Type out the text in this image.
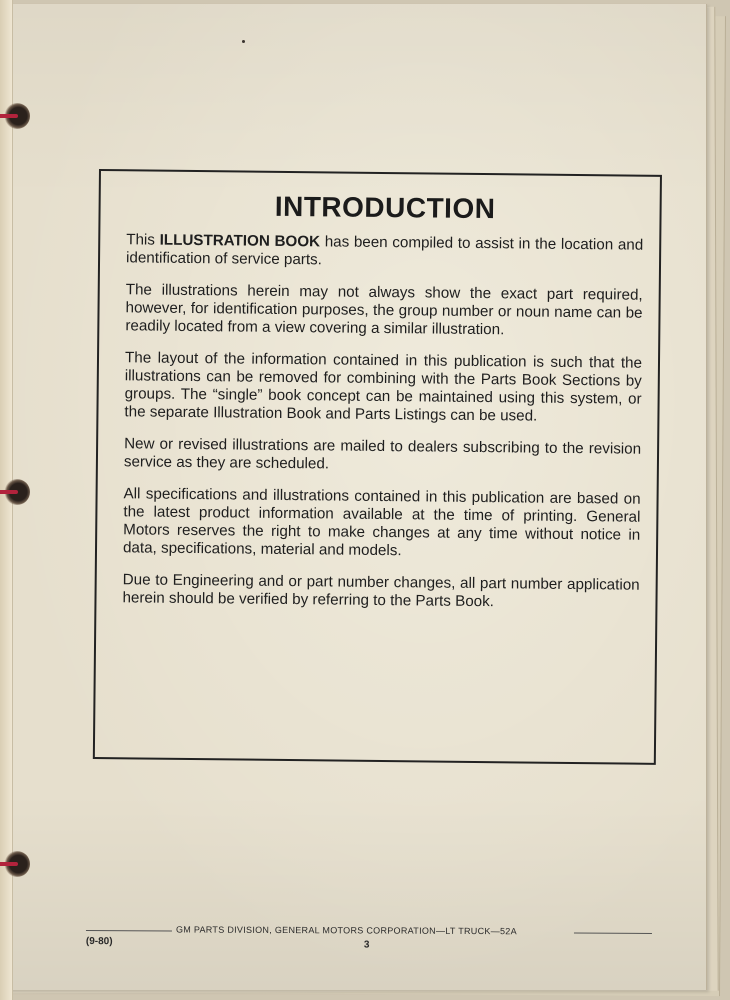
INTRODUCTION

This ILLUSTRATION BOOK has been compiled to assist in the location and identification of service parts.

The illustrations herein may not always show the exact part required, however, for identification purposes, the group number or noun name can be readily located from a view covering a similar illustration.

The layout of the information contained in this publication is such that the illustrations can be removed for combining with the Parts Book Sections by groups. The “single” book concept can be maintained using this system, or the separate Illustration Book and Parts Listings can be used.

New or revised illustrations are mailed to dealers subscribing to the revision service as they are scheduled.

All specifications and illustrations contained in this publication are based on the latest product information available at the time of printing. General Motors reserves the right to make changes at any time without notice in data, specifications, material and models.

Due to Engineering and or part number changes, all part number application herein should be verified by referring to the Parts Book.

GM PARTS DIVISION, GENERAL MOTORS CORPORATION—LT TRUCK—52A
(9-80)	3
